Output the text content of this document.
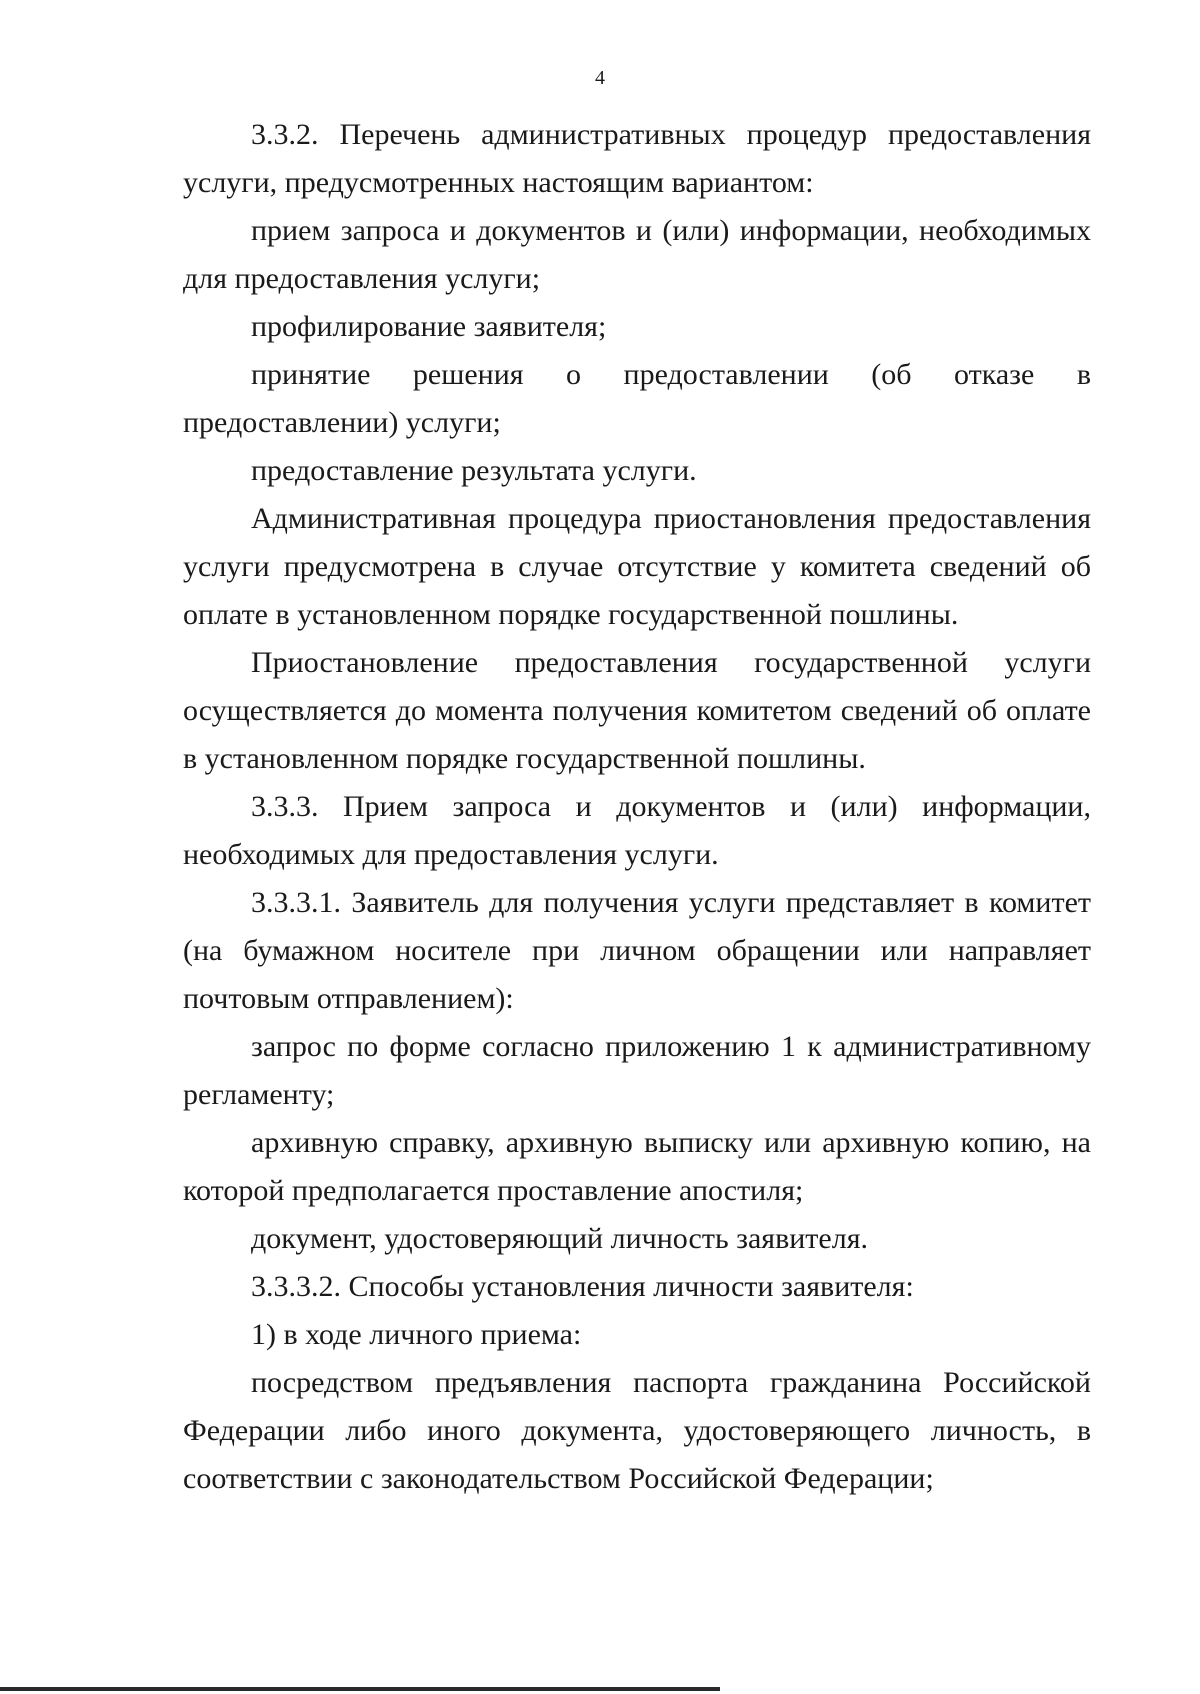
4

3.3.2. Перечень административных процедур предоставления услуги, предусмотренных настоящим вариантом:

прием запроса и документов и (или) информации, необходимых для предоставления услуги;

профилирование заявителя;

принятие решения о предоставлении (об отказе в предоставлении) услуги;

предоставление результата услуги.

Административная процедура приостановления предоставления услуги предусмотрена в случае отсутствие у комитета сведений об оплате в установленном порядке государственной пошлины.

Приостановление предоставления государственной услуги осуществляется до момента получения комитетом сведений об оплате в установленном порядке государственной пошлины.

3.3.3. Прием запроса и документов и (или) информации, необходимых для предоставления услуги.

3.3.3.1. Заявитель для получения услуги представляет в комитет (на бумажном носителе при личном обращении или направляет почтовым отправлением):

запрос по форме согласно приложению 1 к административному регламенту;

архивную справку, архивную выписку или архивную копию, на которой предполагается проставление апостиля;

документ, удостоверяющий личность заявителя.

3.3.3.2. Способы установления личности заявителя:

1) в ходе личного приема:

посредством предъявления паспорта гражданина Российской Федерации либо иного документа, удостоверяющего личность, в соответствии с законодательством Российской Федерации;
